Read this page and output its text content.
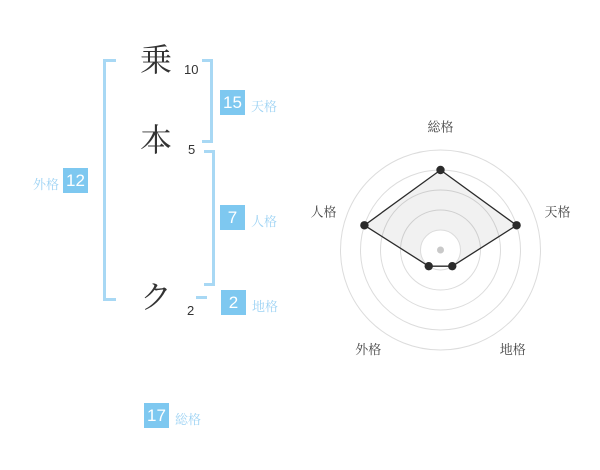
乗
本
ク
10
5
2
外格 12
15 天格
7	人格
2	地格
17 総格
総格
天格
地格
外格
人格
